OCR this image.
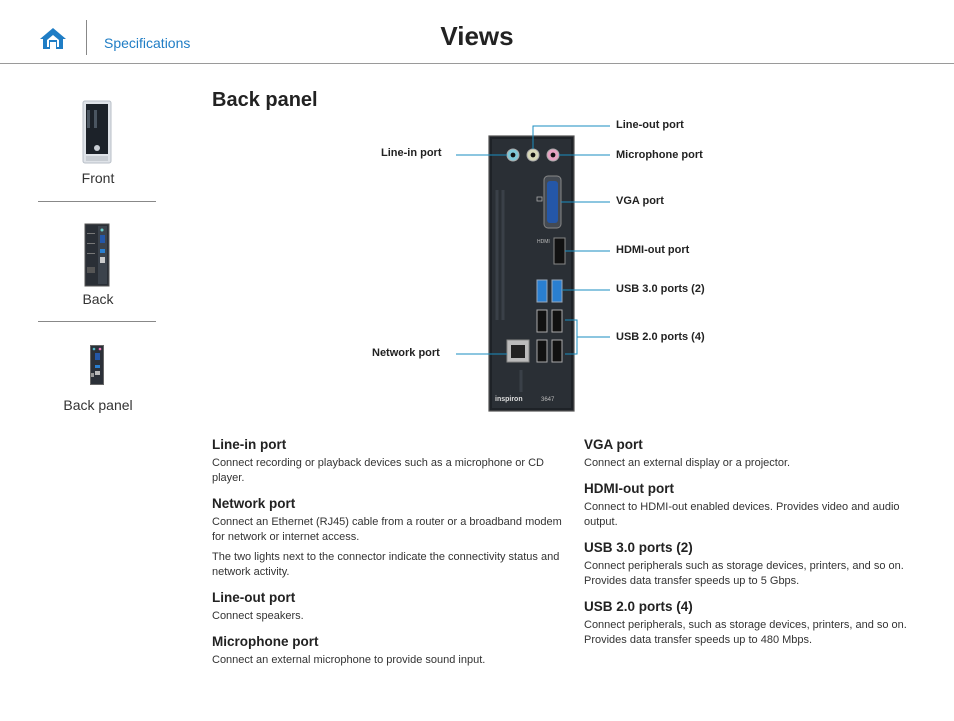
Specifications	Views
Front
Back
Back panel
Back panel
HDMI
inspiron	3647
Line-in port
Network port
Line-out port
Microphone port
VGA port
HDMI-out port
USB 3.0 ports (2)
USB 2.0 ports (4)
Line-in port

Connect recording or playback devices such as a microphone or CD player.

Network port

Connect an Ethernet (RJ45) cable from a router or a broadband modem for network or internet access.

The two lights next to the connector indicate the connectivity status and network activity.

Line-out port

Connect speakers.

Microphone port

Connect an external microphone to provide sound input.

VGA port

Connect an external display or a projector.

HDMI-out port

Connect to HDMI-out enabled devices. Provides video and audio output.

USB 3.0 ports (2)

Connect peripherals such as storage devices, printers, and so on. Provides data transfer speeds up to 5 Gbps.

USB 2.0 ports (4)

Connect peripherals, such as storage devices, printers, and so on. Provides data transfer speeds up to 480 Mbps.
